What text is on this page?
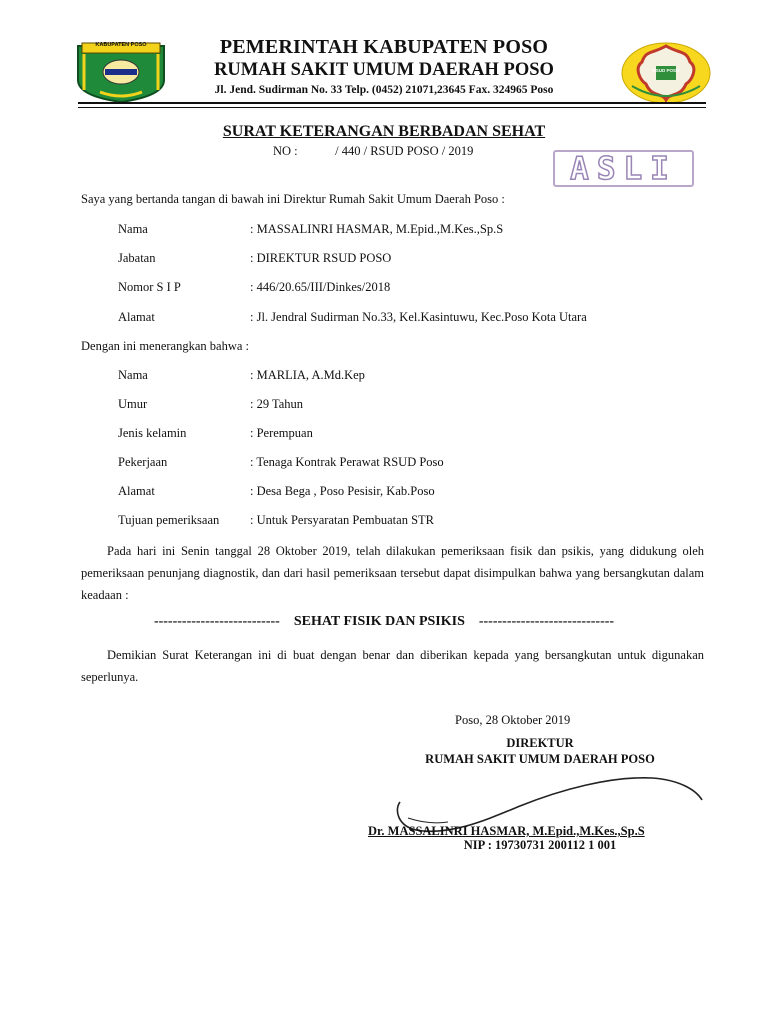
KABUPATEN POSO
RSUD POSO
PEMERINTAH KABUPATEN POSO
RUMAH SAKIT UMUM DAERAH POSO
Jl. Jend. Sudirman No. 33 Telp. (0452) 21071,23645 Fax. 324965 Poso
SURAT KETERANGAN BERBADAN SEHAT
NO :            / 440 / RSUD POSO / 2019	ASLI
Saya yang bertanda tangan di bawah ini Direktur Rumah Sakit Umum Daerah Poso :
Nama	: MASSALINRI HASMAR, M.Epid.,M.Kes.,Sp.S
Jabatan	: DIREKTUR RSUD POSO
Nomor S I P	: 446/20.65/III/Dinkes/2018
Alamat	: Jl. Jendral Sudirman No.33, Kel.Kasintuwu, Kec.Poso Kota Utara
Dengan ini menerangkan bahwa :
Nama	: MARLIA, A.Md.Kep
Umur	: 29 Tahun
Jenis kelamin	: Perempuan
Pekerjaan	: Tenaga Kontrak Perawat RSUD Poso
Alamat	: Desa Bega , Poso Pesisir, Kab.Poso
Tujuan pemeriksaan : Untuk Persyaratan Pembuatan STR
Pada hari ini Senin tanggal 28 Oktober 2019, telah dilakukan pemeriksaan fisik dan psikis, yang didukung oleh pemeriksaan penunjang diagnostik, dan dari hasil pemeriksaan tersebut dapat disimpulkan bahwa yang bersangkutan dalam keadaan :
---------------------------    SEHAT FISIK DAN PSIKIS    -----------------------------
Demikian Surat Keterangan ini di buat dengan benar dan diberikan kepada yang bersangkutan untuk digunakan seperlunya.
Poso, 28 Oktober 2019
DIREKTUR
RUMAH SAKIT UMUM DAERAH POSO
Dr. MASSALINRI HASMAR, M.Epid.,M.Kes.,Sp.S
NIP : 19730731 200112 1 001
